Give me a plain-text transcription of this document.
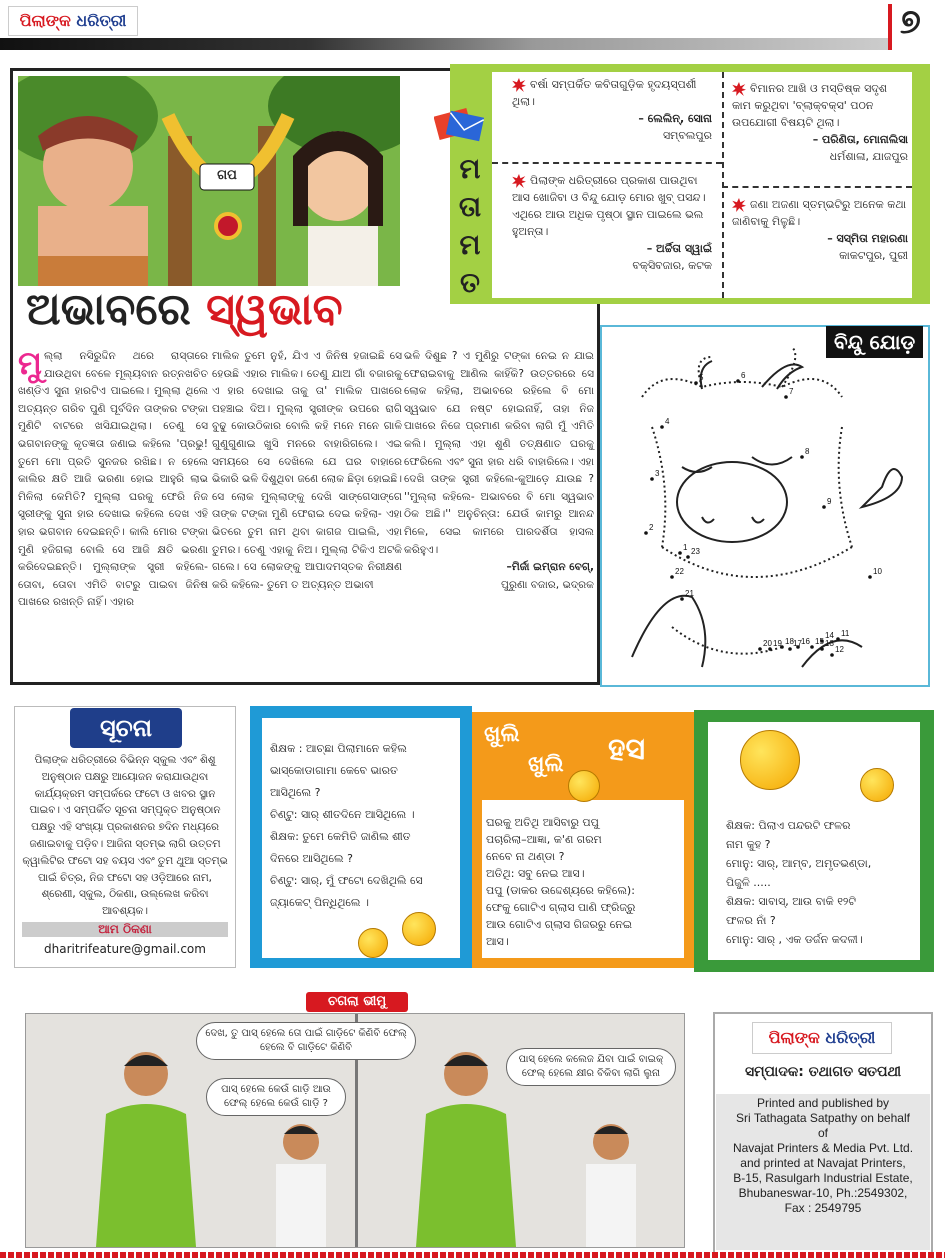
ପିଲାଙ୍କ
ଧରିତ୍ରୀ	୭
ଗପ
ଅଭାବରେ ସ୍ୱଭାବ
ମୁଲ୍ଲା ନସିରୁଦ୍ଦିନ ଥରେ ରାସ୍ତାରେ ଯାଉଥିବା ବେଳେ ମୂଲ୍ୟବାନ ରତ୍ନଖଚିତ ଖଣ୍ଡିଏ ସୁନା ହାରଟିଏ ପାଇଲେ। ମୁଲ୍ଲା ଥିଲେ ଅତ୍ୟନ୍ତ ଗରିବ ପୁଣି ପୂର୍ବଦିନ ତାଙ୍କର ଟଙ୍କା ମୁଣିଟି ବାଟରେ ଖସିଯାଇଥିଲା। ତେଣୁ ସେ ଭଗବାନଙ୍କୁ କୃତଜ୍ଞତା ଜଣାଇ କହିଲେ 'ପ୍ରଭୁ! ତୁମେ ମୋ ପ୍ରତି ସୁନଜର ରଖିଛ। ନ ହେଲେ କାଲିର କ୍ଷତି ଆଜି ଭରଣା ହୋଇ ଆହୁରି ଲାଭ ମିଳିଲା କେମିତି? ମୁଲ୍ଲା ଘରକୁ ଫେରି ନିଜ ସ୍ତ୍ରୀଙ୍କୁ ସୁନା ହାର ଦେଖାଇ କହିଲେ ଦେଖ ଏହି ହାର ଭଗବାନ ଦେଇଛନ୍ତି। କାଲି ମୋର ଟଙ୍କା ମୁଣି ହଜିଗଲା ବୋଲି ସେ ଆଜି କ୍ଷତି ଭରଣା କରିଦେଇଛନ୍ତି। ମୁଲ୍ଲାଙ୍କ ସ୍ତ୍ରୀ କହିଲେ- ତୋବା, ତୋବା ଏମିତି ବାଟରୁ ପାଇବା ଜିନିଷ ପାଖରେ ରଖନ୍ତି ନାହିଁ। ଏହାର
ମାଲିକ ତୁମେ ନୁହଁ, ଯିଏ ଏ ଜିନିଷ ହଜାଇଛି ସେ ହେଉଛି ଏହାର ମାଲିକ। ତେଣୁ ଯାଅ ଗାଁ ବଜାରକୁ ଏ ହାର ଦେଖାଇ ତାକୁ ତା' ମାଲିକ ପାଖରେ ପହଞ୍ଚାଇ ଦିଅ। ମୁଲ୍ଲା ସ୍ତ୍ରୀଙ୍କ ଉପରେ ରାଗି ବୁଢୁ କୋଉଠିକାର ବୋଲି କହି ମନେ ମନେ ଗାଳି ଗୁଣୁଗୁଣାଇ ଖୁସି ମନରେ ବାହାରିଗଲେ। ଏଇ ସମୟରେ ସେ ଦେଖିଲେ ଯେ ଘର ବାହାରେ ଭିକାରି ଭଳି ଦିଶୁଥିବା ଜଣେ ଲୋକ ଛିଡ଼ା ହୋଇଛି। ସେ ଲୋକ ମୁଲ୍ଲାଙ୍କୁ ଦେଖି ସାଙ୍ଗେସାଙ୍ଗେ ତାଙ୍କ ଟଙ୍କା ମୁଣି ଫେରାଇ ଦେଇ କହିଲା- ଏହା ଭିତରେ ତୁମ ନାମ ଥିବା କାଗଜ ପାଇଲି, ଏହା ତୁମର। ତେଣୁ ଏହାକୁ ନିଅ। ମୁଲ୍ଲା ଟିକିଏ ଅଟକି ଗଲେ। ସେ ଲୋକଙ୍କୁ ଆପାଦମସ୍ତକ ନିରୀକ୍ଷଣ କରି କହିଲେ- ତୁମେ ତ ଅତ୍ୟନ୍ତ ଅଭାବୀ
ଭଳି ଦିଶୁଛ ? ଏ ମୁଣିରୁ ଟଙ୍କା ନେଇ ନ ଯାଇ ଫେରାଇବାକୁ ଆଣିଲ କାହିଁକି? ଉତ୍ତରରେ ସେ ଲୋକ କହିଲା, ଅଭାବରେ ରହିଲେ ବି ମୋ ସ୍ୱଭାବ ଯେ ନଷ୍ଟ ହୋଇନାହିଁ, ତାହା ନିଜ ପାଖରେ ନିଜେ ପ୍ରମାଣ କରିବା ଲାଗି ମୁଁ ଏମିତି କଲି। ମୁଲ୍ଲା ଏହା ଶୁଣି ତତ୍‌କ୍ଷଣାତ ଘରକୁ ଫେରିଲେ ଏବଂ ସୁନା ହାର ଧରି ବାହାରିଲେ। ଏହା ଦେଖି ତାଙ୍କ ସ୍ତ୍ରୀ କହିଲେ-କୁଆଡ଼େ ଯାଉଛ ? ''ମୁଲ୍ଲା କହିଲେ- ଅଭାବରେ ବି ମୋ ସ୍ୱଭାବ ଠିକ ଅଛି।'' ଅନୁଚିନ୍ତା: ଯେଉଁ କାମରୁ ଆନନ୍ଦ ମିଳେ, ସେଇ କାମରେ ପାରଦର୍ଶିତା ହାସଲ କରିହୁଏ।
–ମିର୍ଜା ଇମ୍ରାନ ବେଗ୍‌,
ପୁରୁଣା ବଜାର, ଭଦ୍ରକ
ମ
ତା
ମ
ତ
ବର୍ଷା ସମ୍ପର୍କିତ କବିତାଗୁଡ଼ିକ ହୃଦୟସ୍ପର୍ଶୀ ଥିଲା।
– ଲେଲିନ୍‌, ସୋନା
ସମ୍ବଲପୁର
ପିଲାଙ୍କ ଧରିତ୍ରୀରେ ପ୍ରକାଶ ପାଉଥିବା ଆସ ଖୋଜିବା ଓ ବିନ୍ଦୁ ଯୋଡ଼ ମୋର ଖୁବ୍‌ ପସନ୍ଦ। ଏଥିରେ ଆଉ ଅଧିକ ପୃଷ୍ଠା ସ୍ଥାନ ପାଇଲେ ଭଲ ହୁଅନ୍ତା।
– ଅର୍ଚ୍ଚିତା ସ୍ୱାଇଁ
ବକ୍ସିବଜାର, କଟକ
ବିମାନର ଆଖି ଓ ମସ୍ତିଷ୍କ ସଦୃଶ କାମ କରୁଥିବା 'ବ୍ଲାକ୍‌ବକ୍ସ' ପଠନ ଉପଯୋଗୀ ବିଷୟଟି ଥିଲା।
– ପରିଣିତା, ମୋନାଲିସା
ଧର୍ମଶାଳା, ଯାଜପୁର
ଜଣା ଅଜଣା ସ୍ତମ୍ଭଟିରୁ ଅନେକ କଥା ଜାଣିବାକୁ ମିଳୁଛି।
– ସସ୍ମିତା ମହାରଣା
କାକଟପୁର, ପୁରୀ
1
2
3
4
5	6
7
8
9
10
11
12
13
14
15
16
17
18
19
20
21
22
23
ବିନ୍ଦୁ ଯୋଡ଼
ସୂଚନା
ପିଲାଙ୍କ ଧରିତ୍ରୀରେ ବିଭିନ୍ନ ସ୍କୁଲ ଏବଂ ଶିଶୁ ଅନୁଷ୍ଠାନ ପକ୍ଷରୁ ଆୟୋଜନ କରାଯାଉଥିବା କାର୍ଯ୍ୟକ୍ରମ ସମ୍ପର୍କରେ ଫଟୋ ଓ ଖବର ସ୍ଥାନ ପାଇବ। ଏ ସମ୍ପର୍କିତ ସୂଚନା ସମ୍ପୃକ୍ତ ଅନୁଷ୍ଠାନ ପକ୍ଷରୁ ଏହି ସଂଖ୍ୟା ପ୍ରକାଶନର ୭ଦିନ ମଧ୍ୟରେ ଜଣାଇବାକୁ ପଡ଼ିବ। ଆଜିନା ସ୍ତମ୍ଭ ଲାଗି ଉତ୍ତମ କ୍ୱାଲିଟିର ଫଟୋ ସହ ବୟସ ଏବଂ ତୁମ ଥୁଆ ସ୍ତମ୍ଭ ପାଇଁ ଚିତ୍ର, ନିଜ ଫଟୋ ସହ ଓଡ଼ିଆରେ ନାମ, ଶ୍ରେଣୀ, ସ୍କୁଲ, ଠିକଣା, ଉଲ୍ଲେଖ କରିବା ଆବଶ୍ୟକ।
ଆମ ଠିକଣା
dharitrifeature@gmail.com
ଶିକ୍ଷକ : ଆଚ୍ଛା ପିଲାମାନେ କହିଲ
ଭାସ୍କୋଡାଗାମା କେବେ ଭାରତ
ଆସିଥିଲେ ?
ଚିଣ୍ଟୁ: ସାର୍‌ ଶୀତଦିନେ ଆସିଥିଲେ ।
ଶିକ୍ଷକ: ତୁମେ କେମିତି ଜାଣିଲ ଶୀତ
ଦିନରେ ଆସିଥିଲେ ?
ଚିଣ୍ଟୁ: ସାର୍‌, ମୁଁ ଫଟୋ ଦେଖିଥିଲି ସେ
ଜ୍ୟାକେଟ୍‌ ପିନ୍ଧିଥିଲେ ।
ଖୁଲି
ଖୁଲି ହସ
ଘରକୁ ଅତିଥି ଆସିବାରୁ ପପୁ
ପଚାରିଲା–ଆଜ୍ଞା, କ'ଣ ଗରମ
ନେବେ ନା ଥଣ୍ଡା ?
ଅତିଥି: ସବୁ ନେଇ ଆସ।
ପପୁ (ଡାକର ଉଦ୍ଦେଶ୍ୟରେ କହିଲେ):
ଫେକୁ ଗୋଟିଏ ଗ୍ଲାସ ପାଣି ଫ୍ରିଜ୍‌ରୁ
ଆଉ ଗୋଟିଏ ଗ୍ଲାସ ଗିଜରରୁ ନେଇ
ଆସ।
ଶିକ୍ଷକ: ପିଲାଏ ପନ୍ଦରଟି ଫଳର
ନାମ କୁହ ?
ମୋନୁ: ସାର୍‌, ଆମ୍ବ, ଅମୃତଭଣ୍ଡା,
ପିଜୁଳି .....
ଶିକ୍ଷକ: ସାବାସ୍‌, ଆଉ ବାକି ୧୨ଟି
ଫଳର ନାଁ ?
ମୋନୁ: ସାର୍‌ , ଏକ ଡର୍ଜନ କଦଳୀ।
ଚଗଲା ଭୀମୁ
ଦେଖ, ତୁ ପାସ୍‌ ହେଲେ ତୋ ପାଇଁ ଗାଡ଼ିଟେ କିଣିବି ଫେଲ୍‌ ହେଲେ ବି ଗାଡ଼ିଟେ କିଣିବି
ପାସ୍‌ ହେଲେ କେଉଁ ଗାଡ଼ି ଆଉ ଫେଲ୍‌ ହେଲେ କେଉଁ ଗାଡ଼ି ?
ପାସ୍‌ ହେଲେ କଲେଜ ଯିବା ପାଇଁ ବାଇକ୍‌ ଫେଲ୍‌ ହେଲେ କ୍ଷୀର ବିକିବା ଲାଗି ଲୁନା
ପିଲାଙ୍କ
ଧରିତ୍ରୀ
ସମ୍ପାଦକ: ତଥାଗତ ସତପଥୀ
Printed and published by
Sri Tathagata Satpathy on behalf
of
Navajat Printers & Media Pvt. Ltd.
and printed at Navajat Printers,
B-15, Rasulgarh Industrial Estate,
Bhubaneswar-10, Ph.:2549302,
Fax : 2549795
